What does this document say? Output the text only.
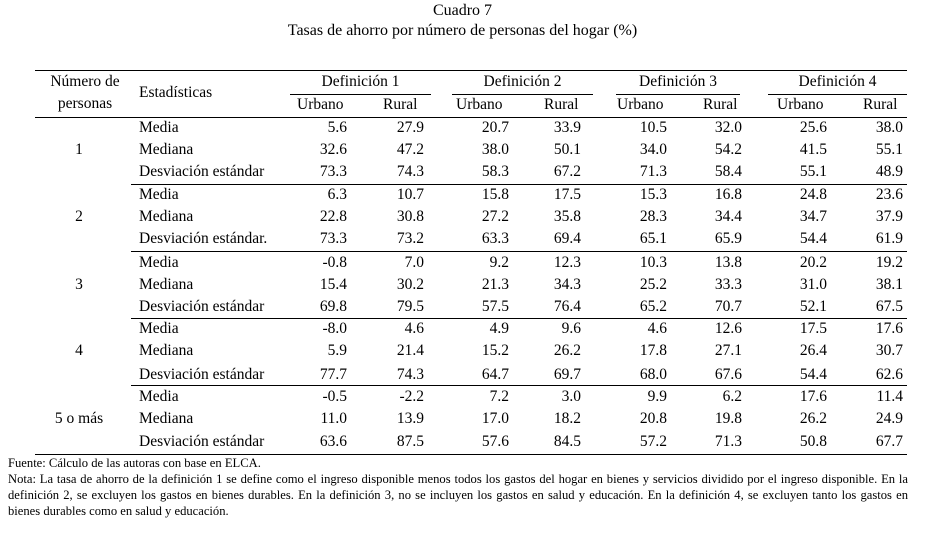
Cuadro 7
Tasas de ahorro por número de personas del hogar (%)
Número de
personas
Estadísticas
Definición 1	Definición 2	Definición 3	Definición 4
Urbano	Rural Urbano	Rural Urbano	Rural	Urbano	Rural
1
Media	5.6	27.9	20.7	33.9	10.5	32.0	25.6	38.0
Mediana	32.6	47.2	38.0	50.1	34.0	54.2	41.5	55.1
Desviación estándar	73.3	74.3	58.3	67.2	71.3	58.4	55.1	48.9
2
Media	6.3	10.7	15.8	17.5	15.3	16.8	24.8	23.6
Mediana	22.8	30.8	27.2	35.8	28.3	34.4	34.7	37.9
Desviación estándar.	73.3	73.2	63.3	69.4	65.1	65.9	54.4	61.9
3
Media	-0.8	7.0	9.2	12.3	10.3	13.8	20.2	19.2
Mediana	15.4	30.2	21.3	34.3	25.2	33.3	31.0	38.1
Desviación estándar	69.8	79.5	57.5	76.4	65.2	70.7	52.1	67.5
4
Media	-8.0	4.6	4.9	9.6	4.6	12.6	17.5	17.6
Mediana	5.9	21.4	15.2	26.2	17.8	27.1	26.4	30.7
Desviación estándar	77.7	74.3	64.7	69.7	68.0	67.6	54.4	62.6
5 o más
Media	-0.5	-2.2	7.2	3.0	9.9	6.2	17.6	11.4
Mediana	11.0	13.9	17.0	18.2	20.8	19.8	26.2	24.9
Desviación estándar	63.6	87.5	57.6	84.5	57.2	71.3	50.8	67.7

Fuente: Cálculo de las autoras con base en ELCA.

Nota: La tasa de ahorro de la definición 1 se define como el ingreso disponible menos todos los gastos del hogar en bienes y servicios dividido por el ingreso disponible. En la definición 2, se excluyen los gastos en bienes durables. En la definición 3, no se incluyen los gastos en salud y educación. En la definición 4, se excluyen tanto los gastos en bienes durables como en salud y educación.
